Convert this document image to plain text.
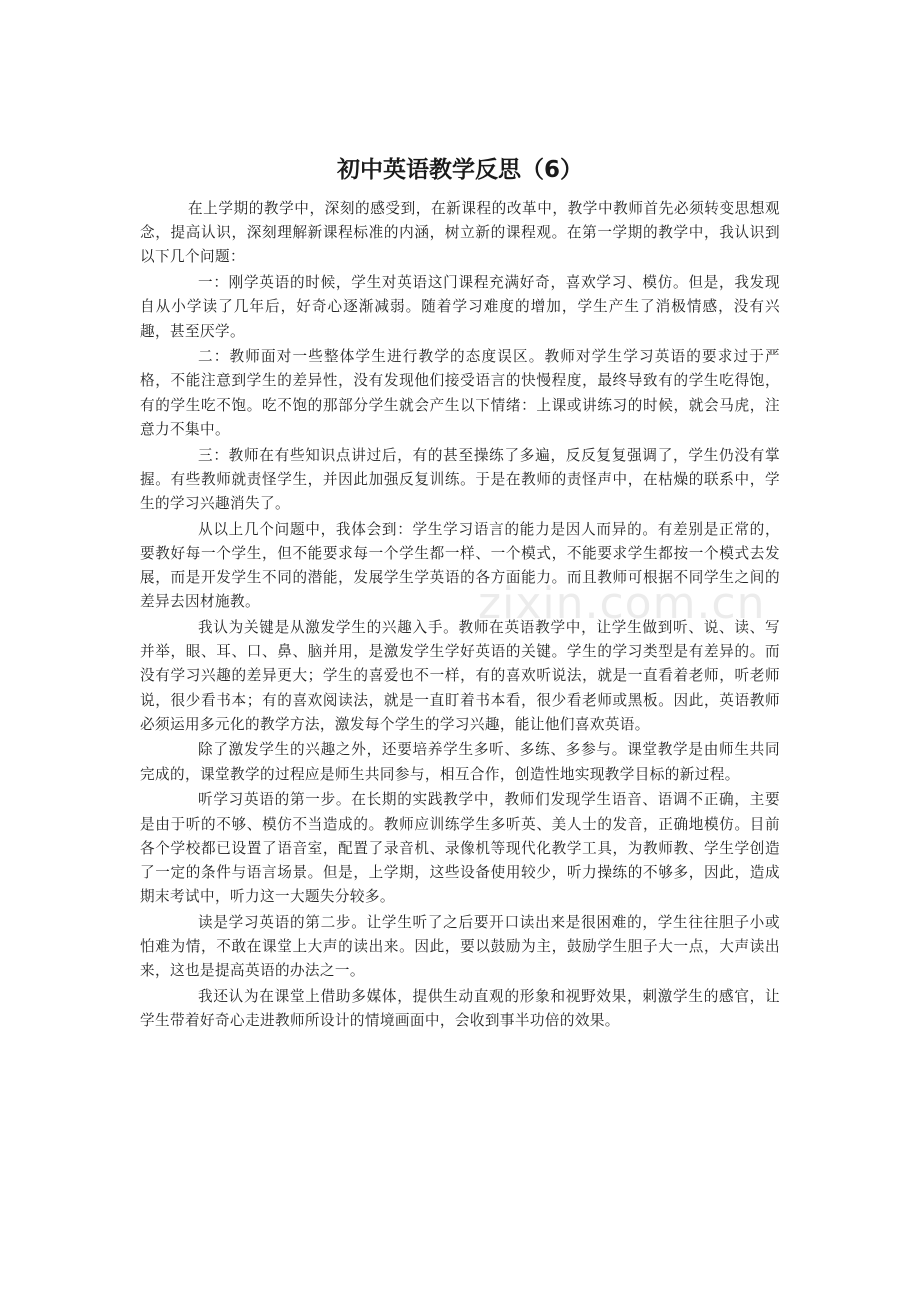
初中英语教学反思（6）

在上学期的教学中，深刻的感受到，在新课程的改革中，教学中教师首先必须转变思想观念，提高认识，深刻理解新课程标准的内涵，树立新的课程观。在第一学期的教学中，我认识到以下几个问题：

一：刚学英语的时候，学生对英语这门课程充满好奇，喜欢学习、模仿。但是，我发现自从小学读了几年后，好奇心逐渐减弱。随着学习难度的增加，学生产生了消极情感，没有兴趣，甚至厌学。

二：教师面对一些整体学生进行教学的态度误区。教师对学生学习英语的要求过于严格，不能注意到学生的差异性，没有发现他们接受语言的快慢程度，最终导致有的学生吃得饱，有的学生吃不饱。吃不饱的那部分学生就会产生以下情绪：上课或讲练习的时候，就会马虎，注意力不集中。

三：教师在有些知识点讲过后，有的甚至操练了多遍，反反复复强调了，学生仍没有掌握。有些教师就责怪学生，并因此加强反复训练。于是在教师的责怪声中，在枯燥的联系中，学生的学习兴趣消失了。

从以上几个问题中，我体会到：学生学习语言的能力是因人而异的。有差别是正常的，要教好每一个学生，但不能要求每一个学生都一样、一个模式，不能要求学生都按一个模式去发展，而是开发学生不同的潜能，发展学生学英语的各方面能力。而且教师可根据不同学生之间的差异去因材施教。

我认为关键是从激发学生的兴趣入手。教师在英语教学中，让学生做到听、说、读、写并举，眼、耳、口、鼻、脑并用，是激发学生学好英语的关键。学生的学习类型是有差异的。而没有学习兴趣的差异更大；学生的喜爱也不一样，有的喜欢听说法，就是一直看着老师，听老师说，很少看书本；有的喜欢阅读法，就是一直盯着书本看，很少看老师或黑板。因此，英语教师必须运用多元化的教学方法，激发每个学生的学习兴趣，能让他们喜欢英语。

除了激发学生的兴趣之外，还要培养学生多听、多练、多参与。课堂教学是由师生共同完成的，课堂教学的过程应是师生共同参与，相互合作，创造性地实现教学目标的新过程。

听学习英语的第一步。在长期的实践教学中，教师们发现学生语音、语调不正确，主要是由于听的不够、模仿不当造成的。教师应训练学生多听英、美人士的发音，正确地模仿。目前各个学校都已设置了语音室，配置了录音机、录像机等现代化教学工具，为教师教、学生学创造了一定的条件与语言场景。但是，上学期，这些设备使用较少，听力操练的不够多，因此，造成期末考试中，听力这一大题失分较多。

读是学习英语的第二步。让学生听了之后要开口读出来是很困难的，学生往往胆子小或怕难为情，不敢在课堂上大声的读出来。因此，要以鼓励为主，鼓励学生胆子大一点，大声读出来，这也是提高英语的办法之一。

我还认为在课堂上借助多媒体，提供生动直观的形象和视野效果，刺激学生的感官，让学生带着好奇心走进教师所设计的情境画面中，会收到事半功倍的效果。

zixin.com.cn
